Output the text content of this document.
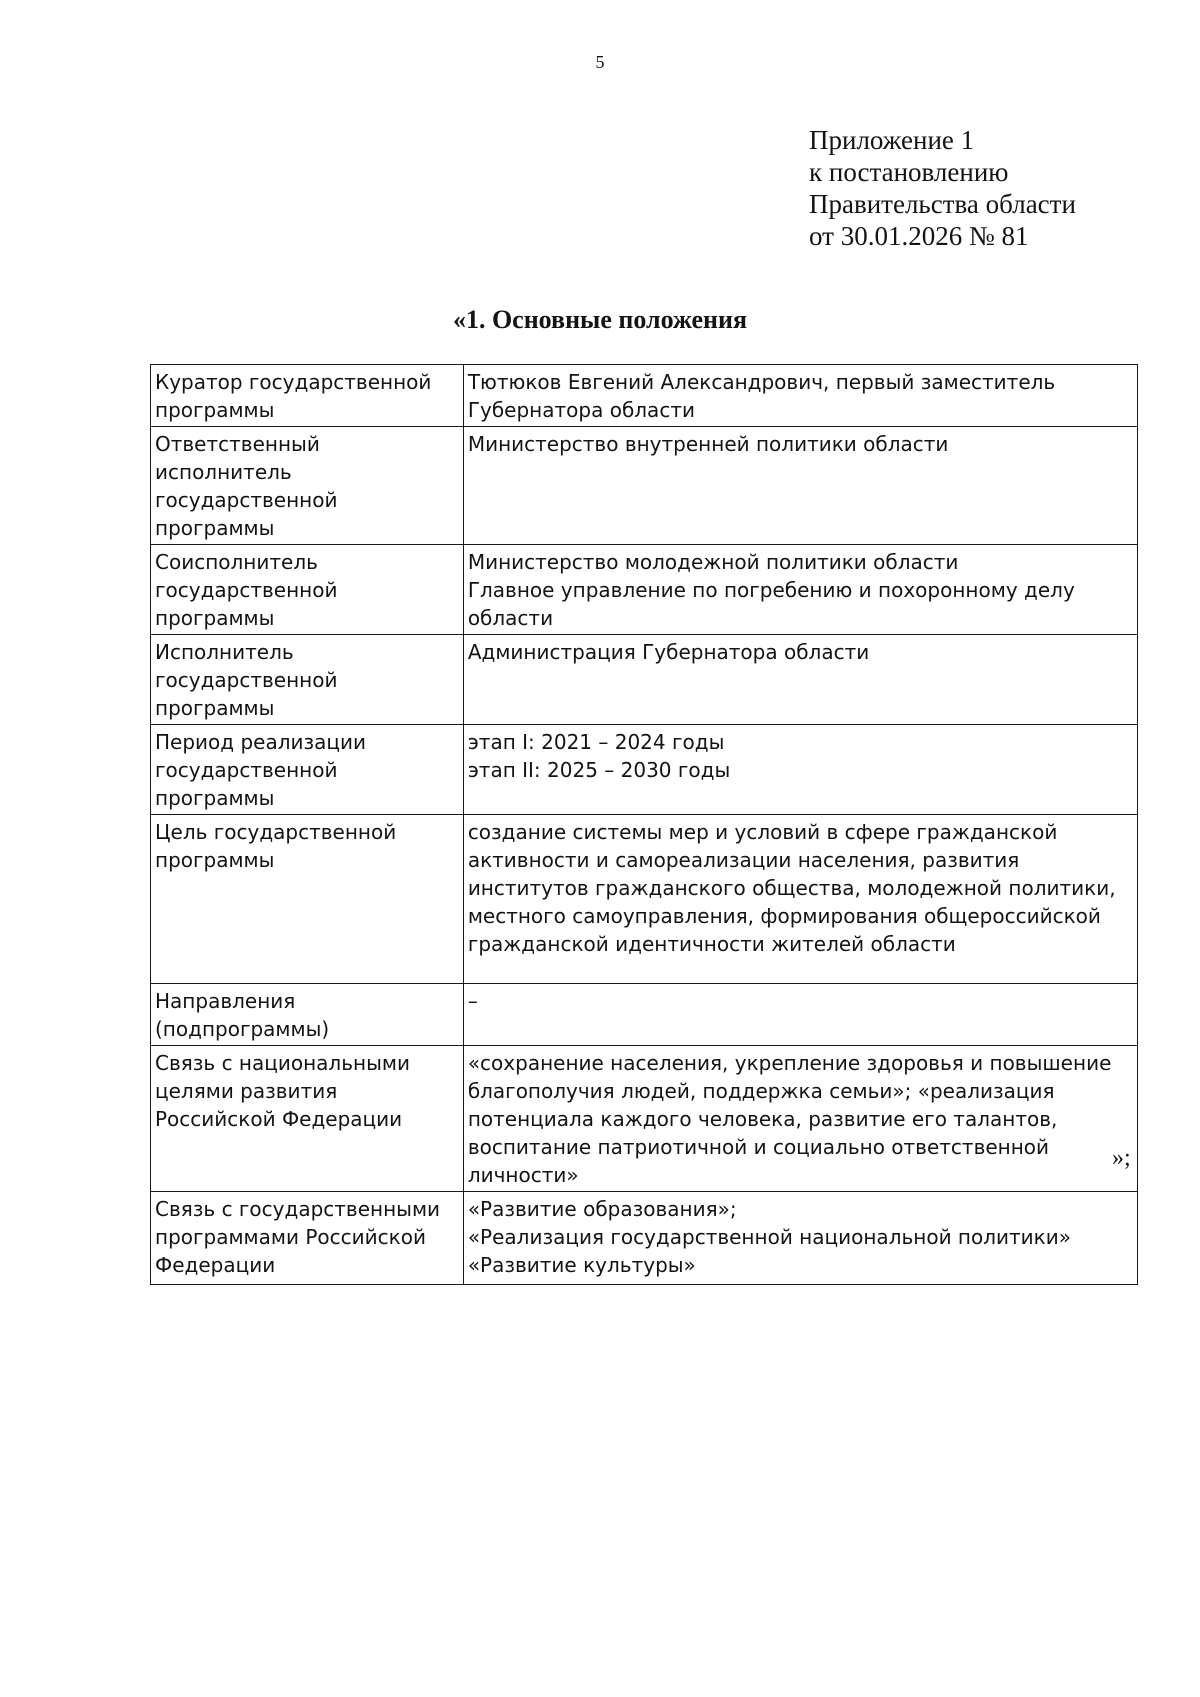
5
Приложение 1
к постановлению
Правительства области
от 30.01.2026 № 81
«1. Основные положения
Куратор государственной программы	Тютюков Евгений Александрович, первый заместитель Губернатора области

Ответственный исполнитель государственной программы	Министерство внутренней политики области

Соисполнитель государственной программы	Министерство молодежной политики области
Главное управление по погребению и похоронному делу области

Исполнитель государственной программы	Администрация Губернатора области

Период реализации государственной программы	этап I: 2021 – 2024 годы
этап II: 2025 – 2030 годы

Цель государственной программы	создание системы мер и условий в сфере гражданской активности и самореализации населения, развития институтов гражданского общества, молодежной политики, местного самоуправления, формирования общероссийской гражданской идентичности жителей области

Направления (подпрограммы)	–

Связь с национальными целями развития Российской Федерации	«сохранение населения, укрепление здоровья и повышение благополучия людей, поддержка семьи»; «реализация потенциала каждого человека, развитие его талантов, воспитание патриотичной и социально ответственной личности»

Связь с государственными программами Российской Федерации	«Развитие образования»;
«Реализация государственной национальной политики»
«Развитие культуры»
»;
